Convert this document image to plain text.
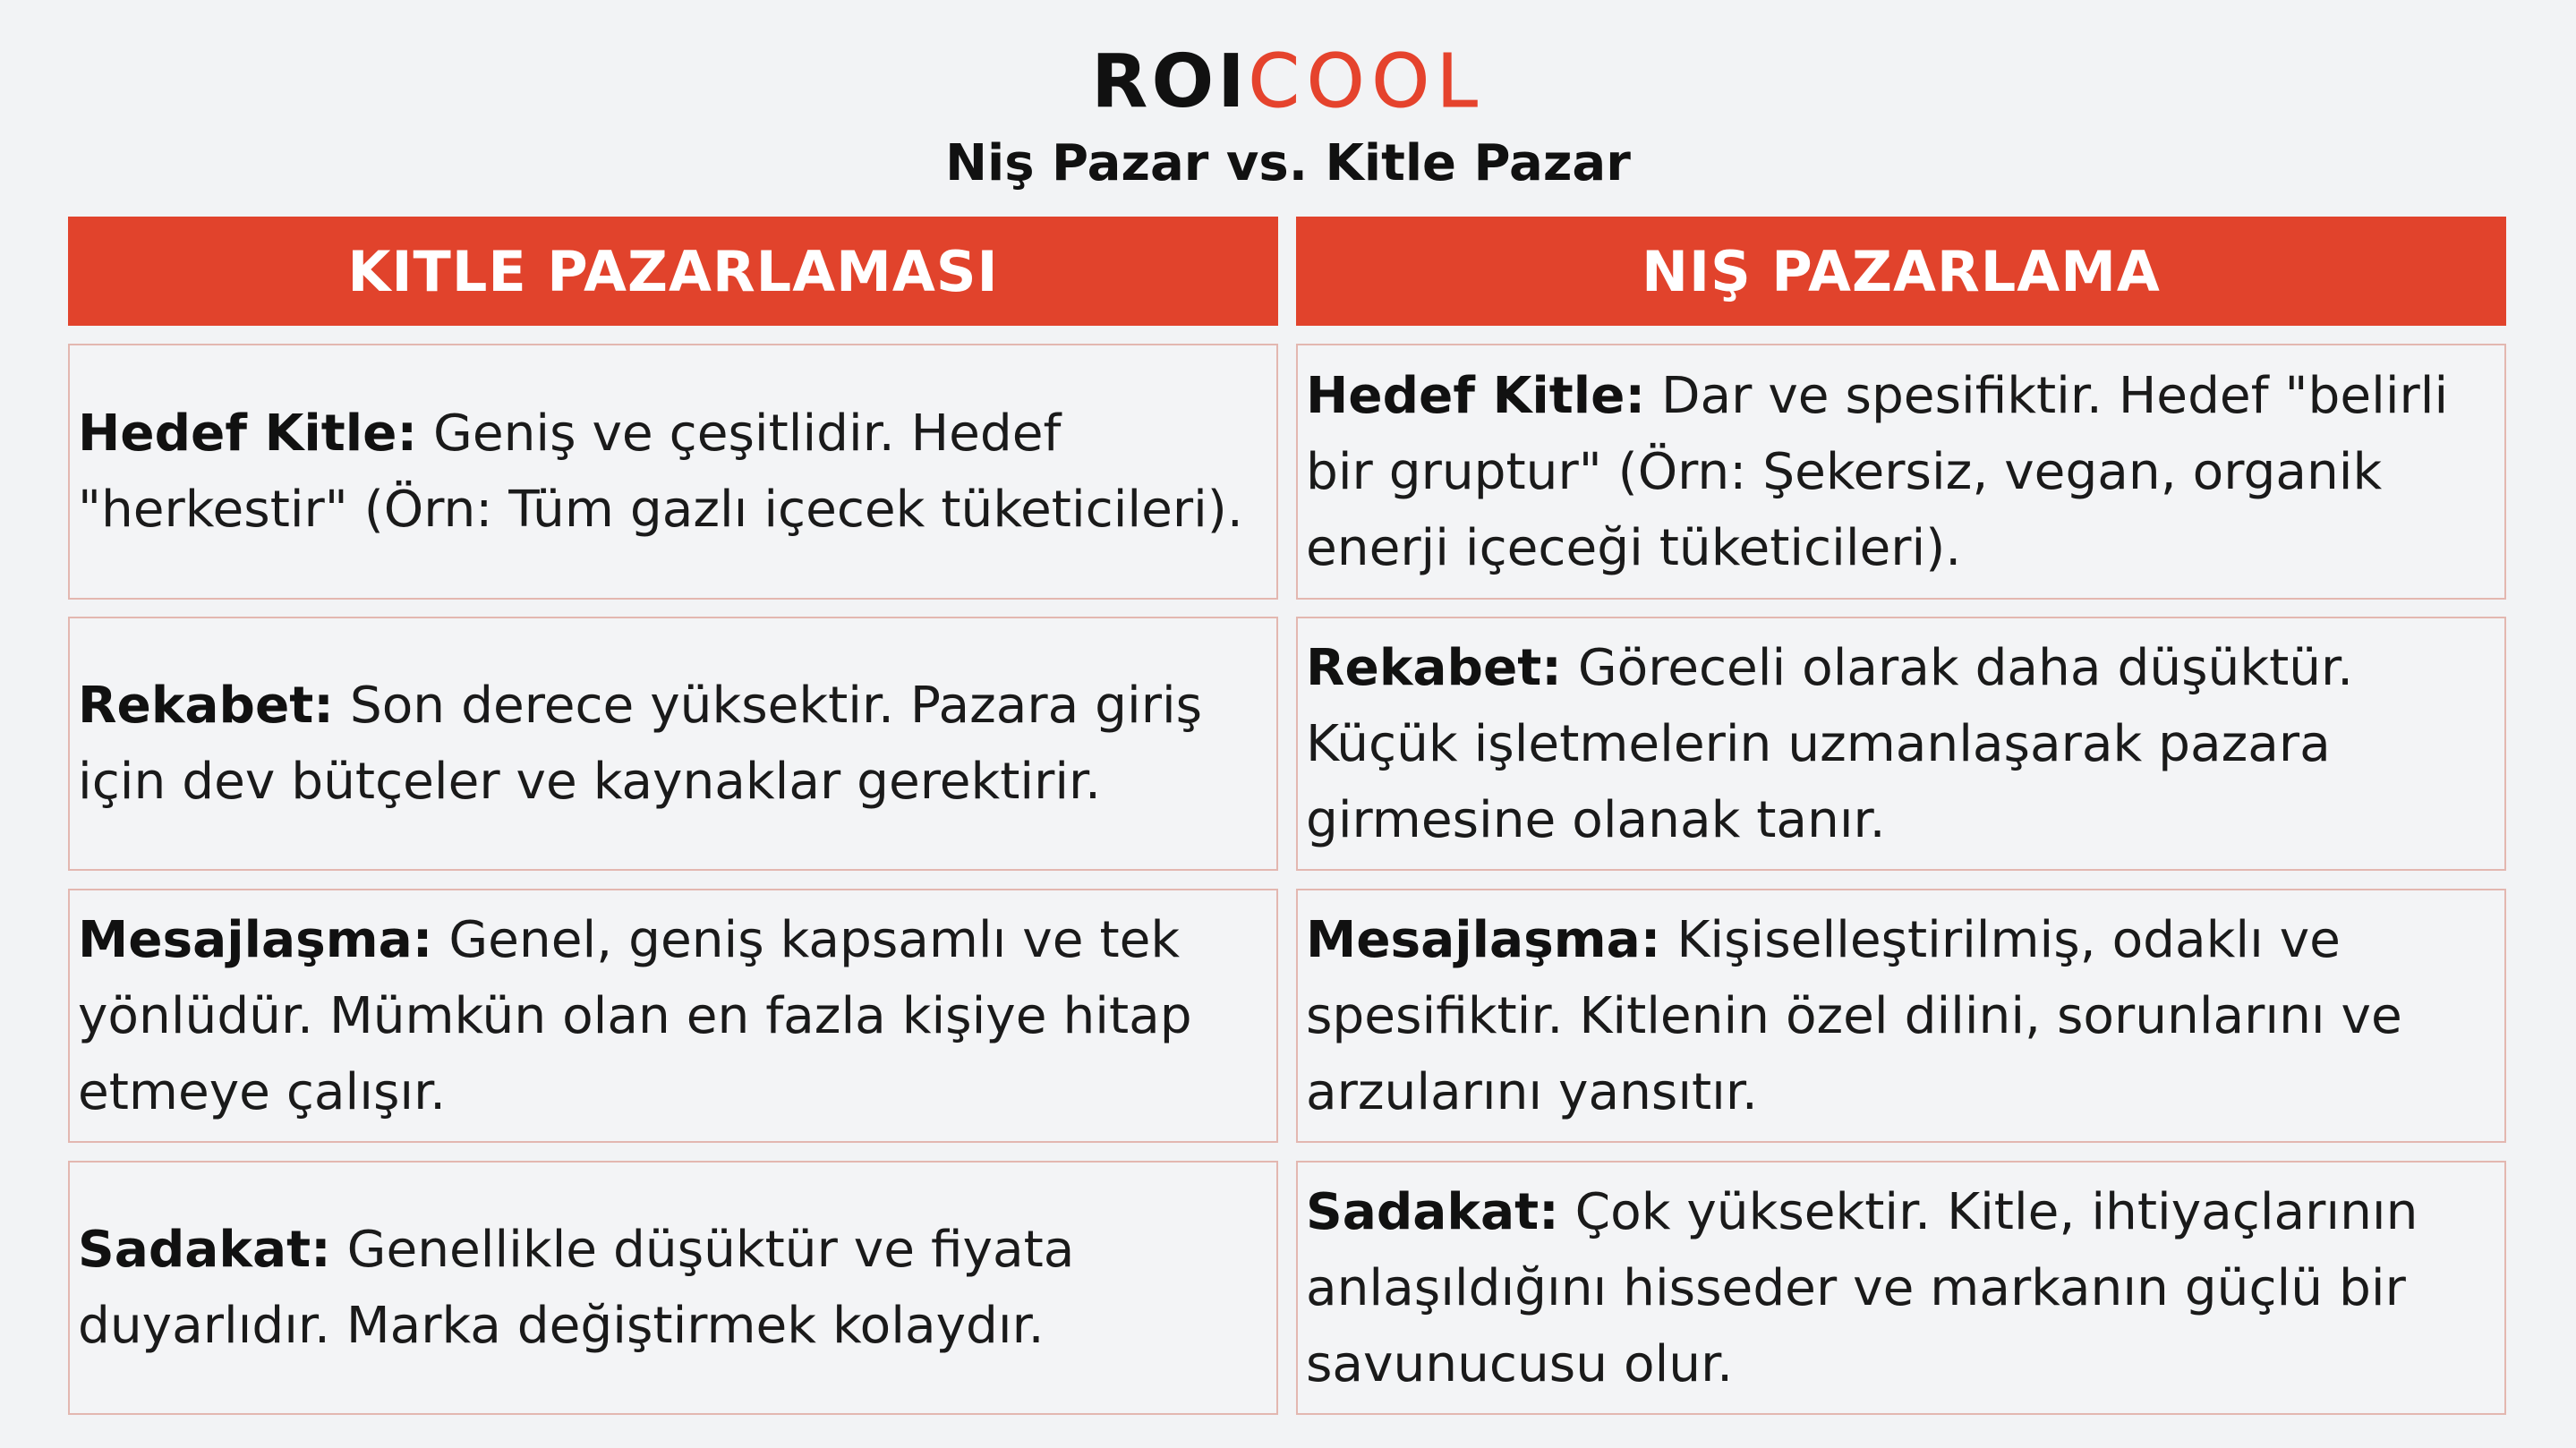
ROI COOL
Niş Pazar vs. Kitle Pazar
KITLE PAZARLAMASI	NIŞ PAZARLAMA

Hedef Kitle: Geniş ve çeşitlidir. Hedef "herkestir" (Örn: Tüm gazlı içecek tüketicileri).

Hedef Kitle: Dar ve spesifiktir. Hedef "belirli bir gruptur" (Örn: Şekersiz, vegan, organik enerji içeceği tüketicileri).

Rekabet: Son derece yüksektir. Pazara giriş için dev bütçeler ve kaynaklar gerektirir.

Rekabet: Göreceli olarak daha düşüktür. Küçük işletmelerin uzmanlaşarak pazara girmesine olanak tanır.

Mesajlaşma: Genel, geniş kapsamlı ve tek yönlüdür. Mümkün olan en fazla kişiye hitap etmeye çalışır.

Mesajlaşma: Kişiselleştirilmiş, odaklı ve spesifiktir. Kitlenin özel dilini, sorunlarını ve arzularını yansıtır.

Sadakat: Genellikle düşüktür ve fiyata duyarlıdır. Marka değiştirmek kolaydır.

Sadakat: Çok yüksektir. Kitle, ihtiyaçlarının anlaşıldığını hisseder ve markanın güçlü bir savunucusu olur.
